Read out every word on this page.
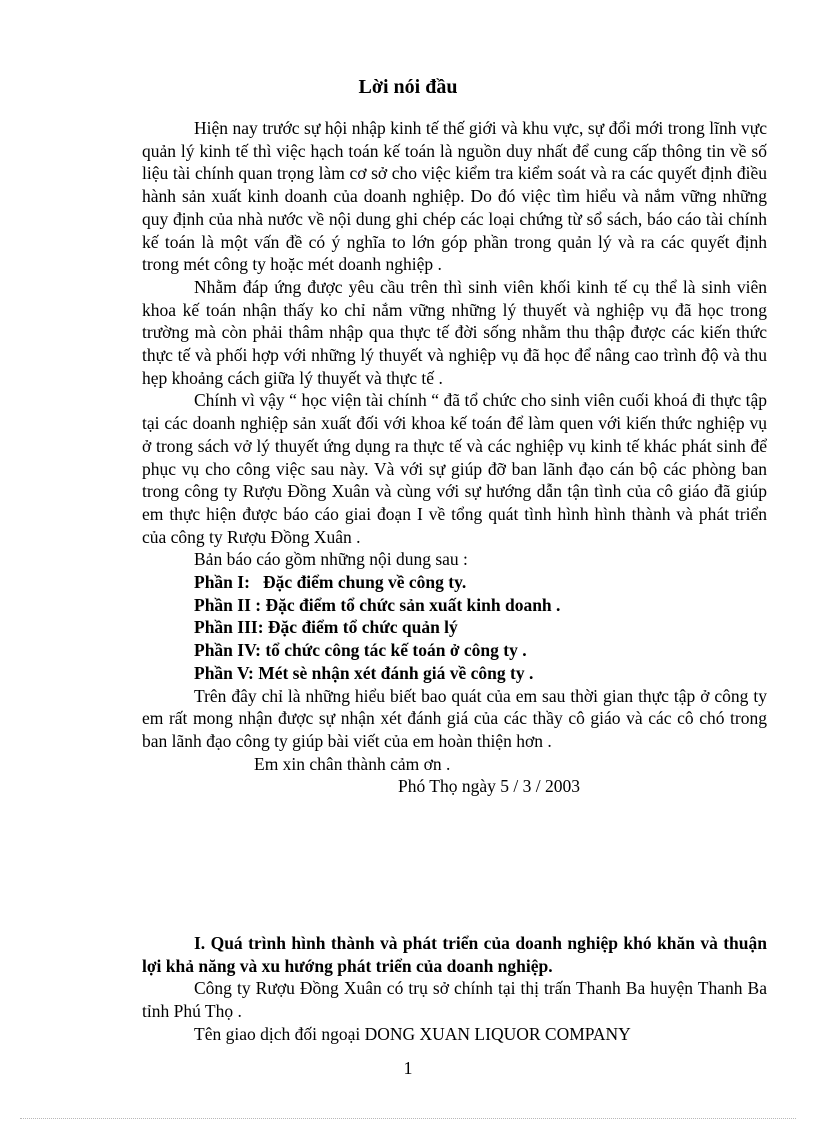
Lời nói đầu

Hiện nay trước sự hội nhập kinh tế thế giới và khu vực, sự đổi mới trong lĩnh vực quản lý kinh tế thì việc hạch toán kế toán là nguồn duy nhất để cung cấp thông tin về số liệu tài chính quan trọng làm cơ sở cho việc kiểm tra kiểm soát và ra các quyết định điều hành sản xuất kinh doanh của doanh nghiệp. Do đó việc tìm hiểu và nắm vững những quy định của nhà nước về nội dung ghi chép các loại chứng từ sổ sách, báo cáo tài chính kế toán là một vấn đề có ý nghĩa to lớn góp phần trong quản lý và ra các quyết định trong mét công ty hoặc mét doanh nghiệp .

Nhằm đáp ứng được yêu cầu trên thì sinh viên khối kinh tế cụ thể là sinh viên khoa kế toán nhận thấy ko chỉ nắm vững những lý thuyết và nghiệp vụ đã học trong trường mà còn phải thâm nhập qua thực tế đời sống nhằm thu thập được các kiến thức thực tế và phối hợp với những lý thuyết và nghiệp vụ đã học để nâng cao trình độ và thu hẹp khoảng cách giữa lý thuyết và thực tế .

Chính vì vậy “ học viện tài chính “ đã tổ chức cho sinh viên cuối khoá đi thực tập tại các doanh nghiệp sản xuất đối với khoa kế toán để làm quen với kiến thức nghiệp vụ ở trong sách vở lý thuyết ứng dụng ra thực tế và các nghiệp vụ kinh tế khác phát sinh để phục vụ cho công việc sau này. Và với sự giúp đỡ ban lãnh đạo cán bộ các phòng ban trong công ty Rượu Đồng Xuân và cùng với sự hướng dẫn tận tình của cô giáo đã giúp em thực hiện được báo cáo giai đoạn I về tổng quát tình hình hình thành và phát triển của công ty Rượu Đồng Xuân .

Bản báo cáo gồm những nội dung sau :

Phần I:   Đặc điểm chung về công ty.

Phần II : Đặc điểm tổ chức sản xuất kinh doanh .

Phần III: Đặc điểm tổ chức quản lý

Phần IV: tổ chức công tác kế toán ở công ty .

Phần V: Mét sè nhận xét đánh giá về công ty .

Trên đây chỉ là những hiểu biết bao quát của em sau thời gian thực tập ở công ty em rất mong nhận được sự nhận xét đánh giá của các thầy cô giáo và các cô chó trong ban lãnh đạo công ty giúp bài viết của em hoàn thiện hơn .

Em xin chân thành cảm ơn .

Phó Thọ ngày 5 / 3 / 2003

I. Quá trình hình thành và phát triển của doanh nghiệp khó khăn và thuận lợi khả năng và xu hướng phát triển của doanh nghiệp.

Công ty Rượu Đồng Xuân có trụ sở chính tại thị trấn Thanh Ba huyện Thanh Ba tỉnh Phú Thọ .

Tên giao dịch đối ngoại DONG XUAN LIQUOR COMPANY

1
